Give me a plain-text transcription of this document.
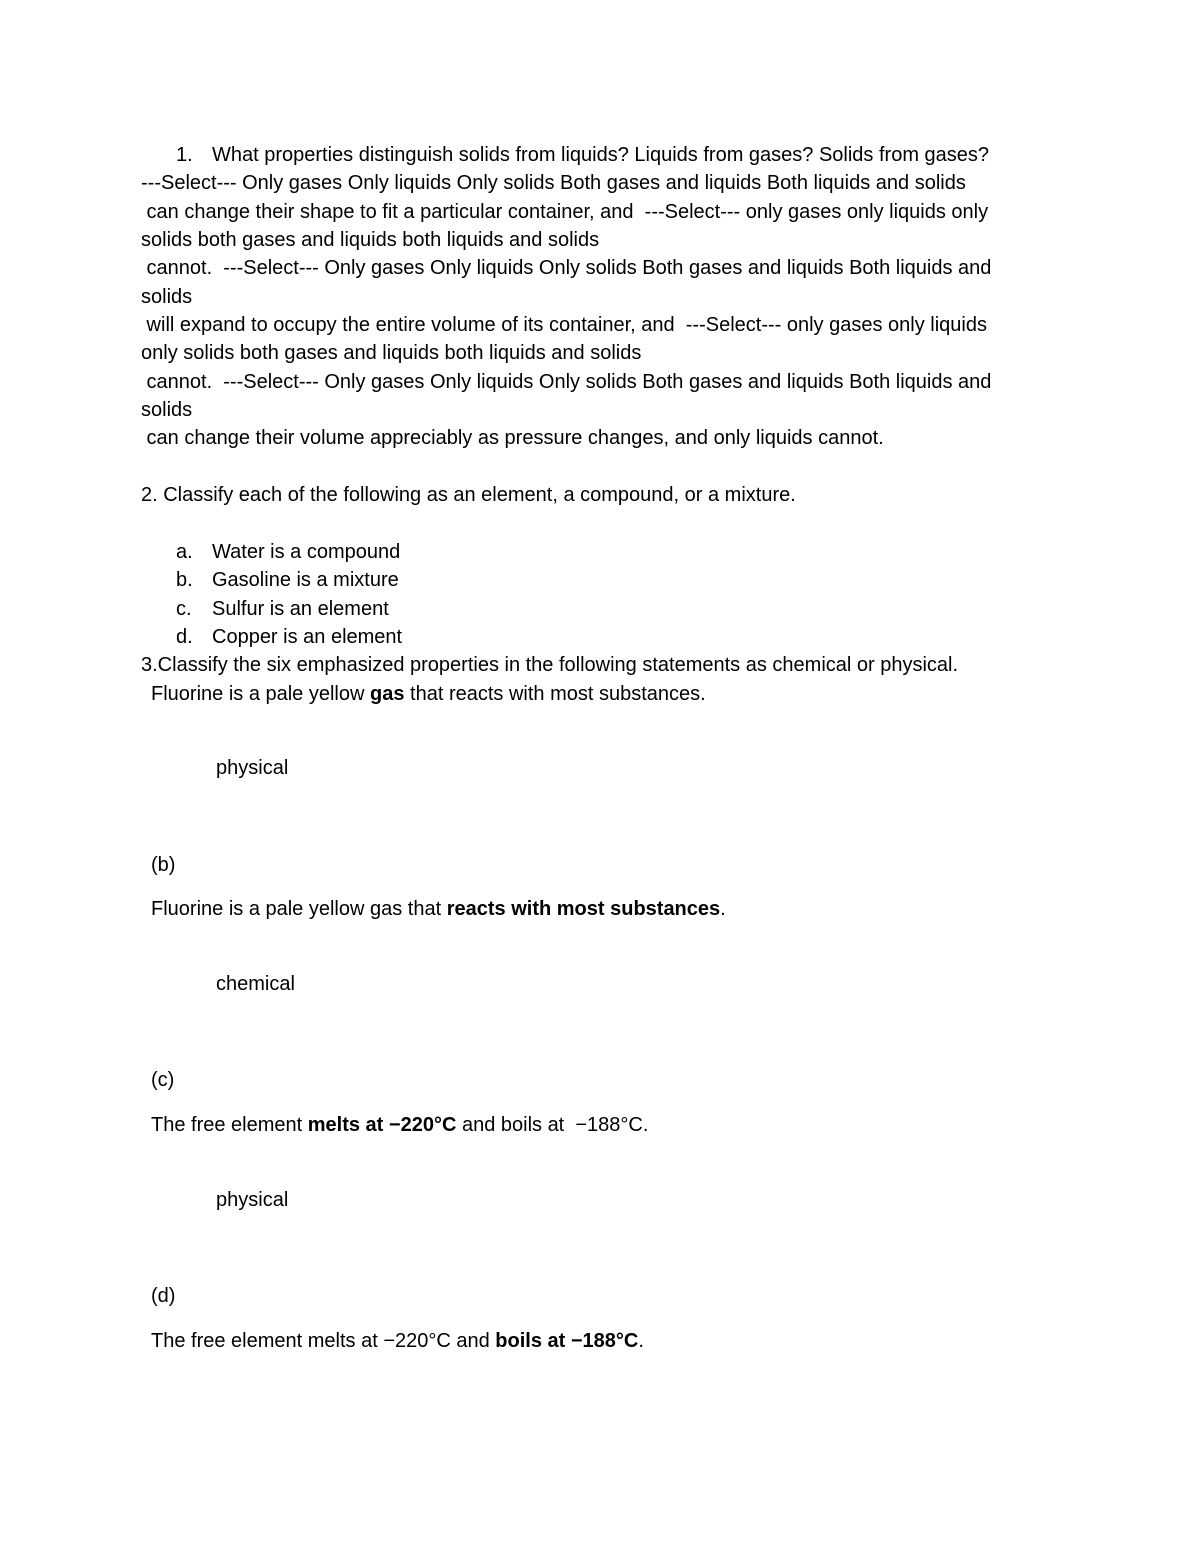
1. What properties distinguish solids from liquids? Liquids from gases? Solids from gases?
---Select--- Only gases Only liquids Only solids Both gases and liquids Both liquids and solids
can change their shape to fit a particular container, and  ---Select--- only gases only liquids only
solids both gases and liquids both liquids and solids
cannot.  ---Select--- Only gases Only liquids Only solids Both gases and liquids Both liquids and
solids
will expand to occupy the entire volume of its container, and  ---Select--- only gases only liquids
only solids both gases and liquids both liquids and solids
cannot.  ---Select--- Only gases Only liquids Only solids Both gases and liquids Both liquids and
solids
can change their volume appreciably as pressure changes, and only liquids cannot.
2. Classify each of the following as an element, a compound, or a mixture.
a. Water is a compound
b. Gasoline is a mixture
c. Sulfur is an element
d. Copper is an element
3.Classify the six emphasized properties in the following statements as chemical or physical.
Fluorine is a pale yellow gas that reacts with most substances.
physical
(b)
Fluorine is a pale yellow gas that reacts with most substances.
chemical
(c)
The free element melts at −220°C and boils at  −188°C.
physical
(d)
The free element melts at −220°C and boils at −188°C.
